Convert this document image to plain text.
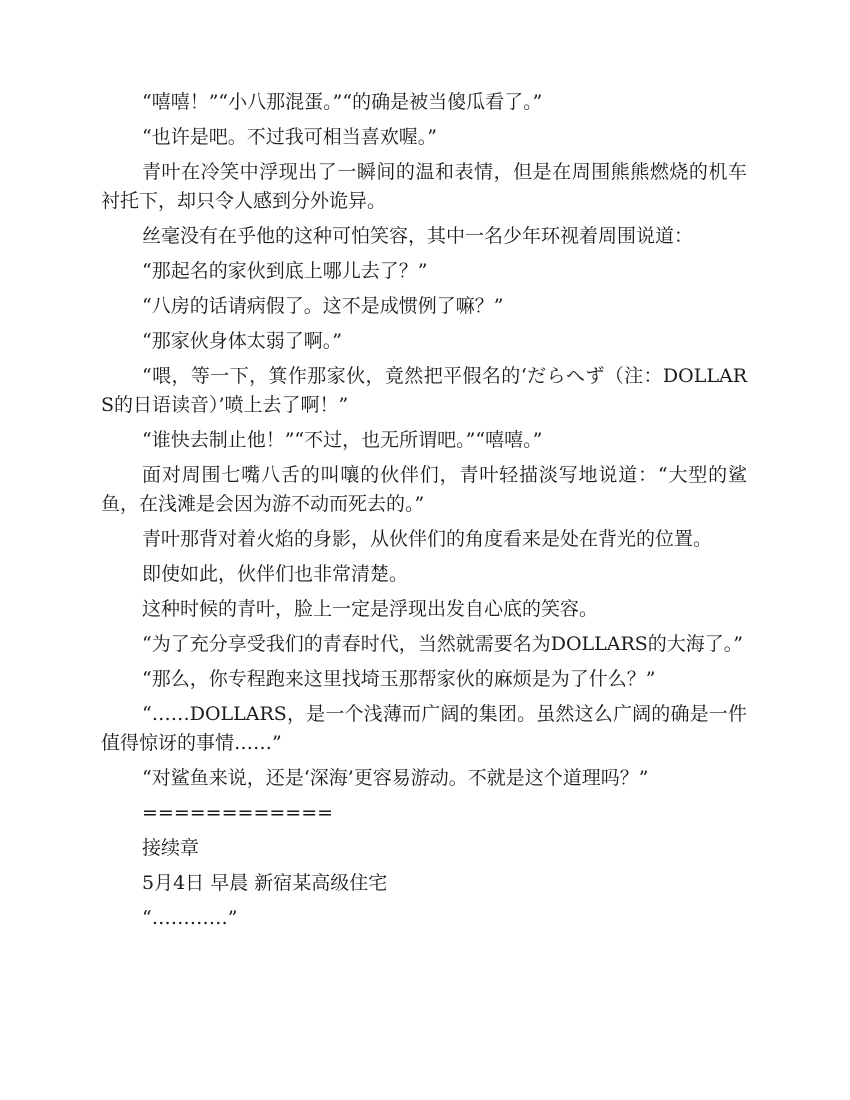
“嘻嘻！”“小八那混蛋。”“的确是被当傻瓜看了。”

“也许是吧。不过我可相当喜欢喔。”

青叶在冷笑中浮现出了一瞬间的温和表情，但是在周围熊熊燃烧的机车衬托下，却只令人感到分外诡异。

丝毫没有在乎他的这种可怕笑容，其中一名少年环视着周围说道：

“那起名的家伙到底上哪儿去了？”

“八房的话请病假了。这不是成惯例了嘛？”

“那家伙身体太弱了啊。”

“喂，等一下，箕作那家伙，竟然把平假名的‘だらへず（注：DOLLARS的日语读音）’喷上去了啊！”

“谁快去制止他！”“不过，也无所谓吧。”“嘻嘻。”

面对周围七嘴八舌的叫嚷的伙伴们，青叶轻描淡写地说道：“大型的鲨鱼，在浅滩是会因为游不动而死去的。”

青叶那背对着火焰的身影，从伙伴们的角度看来是处在背光的位置。

即使如此，伙伴们也非常清楚。

这种时候的青叶，脸上一定是浮现出发自心底的笑容。

“为了充分享受我们的青春时代，当然就需要名为DOLLARS的大海了。”

“那么，你专程跑来这里找埼玉那帮家伙的麻烦是为了什么？”

“……DOLLARS，是一个浅薄而广阔的集团。虽然这么广阔的确是一件值得惊讶的事情……”

“对鲨鱼来说，还是‘深海’更容易游动。不就是这个道理吗？”

============

接续章

5月4日 早晨 新宿某高级住宅

“…………”
